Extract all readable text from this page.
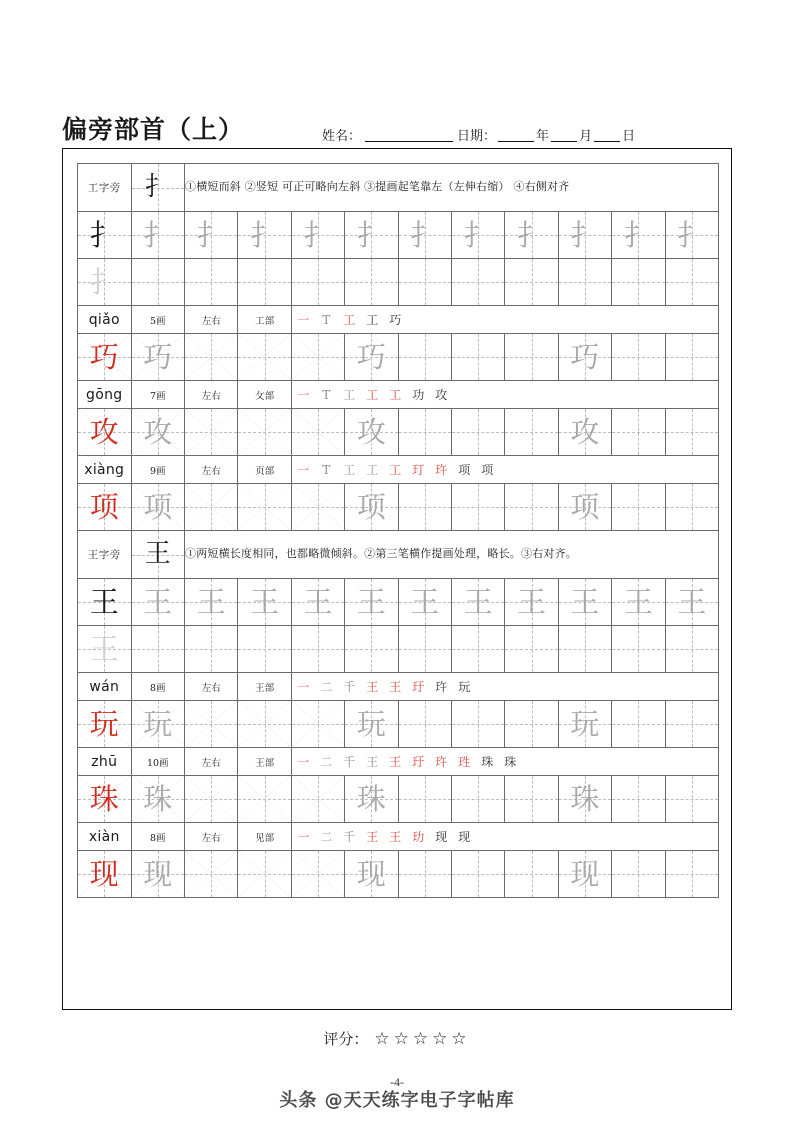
偏旁部首（上）	姓名：	日期：	年 月 日
工字旁	扌	①横短而斜 ②竖短 可正可略向左斜 ③提画起笔靠左（左伸右缩） ④右侧对齐									

扌	扌	扌	扌	扌	扌	扌	扌	扌	扌	扌	扌

扌											

qiǎo	5画	左右	工部	一 T 工 工 巧							

巧	巧				巧				巧		

gōng	7画	左右	攵部	一 T 工 工 工 功 攻							

攻	攻				攻				攻		

xiàng	9画	左右	页部	一 T 工 工 工 玎 玝 项 项							

项	项				项				项		

王字旁	王	①两短横长度相同，也都略微倾斜。②第三笔横作提画处理，略长。③右对齐。									

王	王	王	王	王	王	王	王	王	王	王	王

王											

wán	8画	左右	王部	一 二 千 王 王 玗 玝 玩							

玩	玩				玩				玩		

zhū	10画	左右	王部	一 二 千 王 王 玗 玝 珄 珠 珠							

珠	珠				珠				珠		

xiàn	8画	左右	见部	一 二 千 王 王 玏 现 现							

现	现				现				现		

评分： ☆☆☆☆☆
-4-
头条 @天天练字电子字帖库
